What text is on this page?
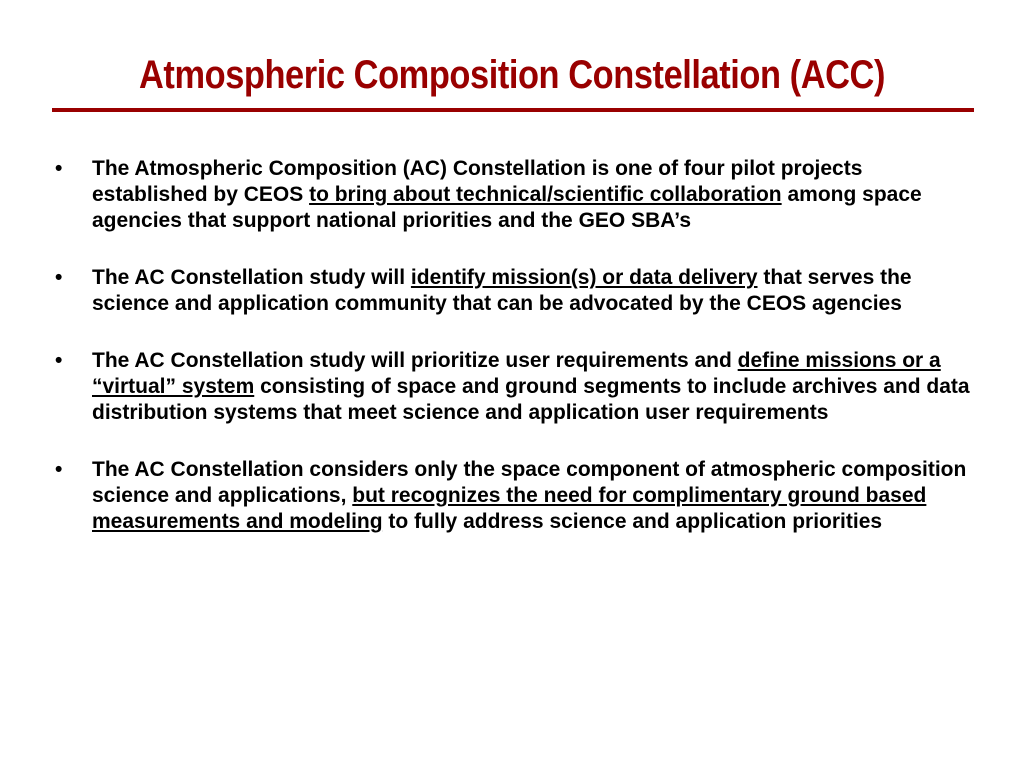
Atmospheric Composition Constellation (ACC)
• The Atmospheric Composition (AC) Constellation is one of four pilot projects established by CEOS to bring about technical/scientific collaboration among space agencies that support national priorities and the GEO SBA’s
• The AC Constellation study will identify mission(s) or data delivery that serves the science and application community that can be advocated by the CEOS agencies
• The AC Constellation study will prioritize user requirements and define missions or a “virtual” system consisting of space and ground segments to include archives and data distribution systems that meet science and application user requirements
• The AC Constellation considers only the space component of atmospheric composition science and applications, but recognizes the need for complimentary ground based measurements and modeling to fully address science and application priorities
